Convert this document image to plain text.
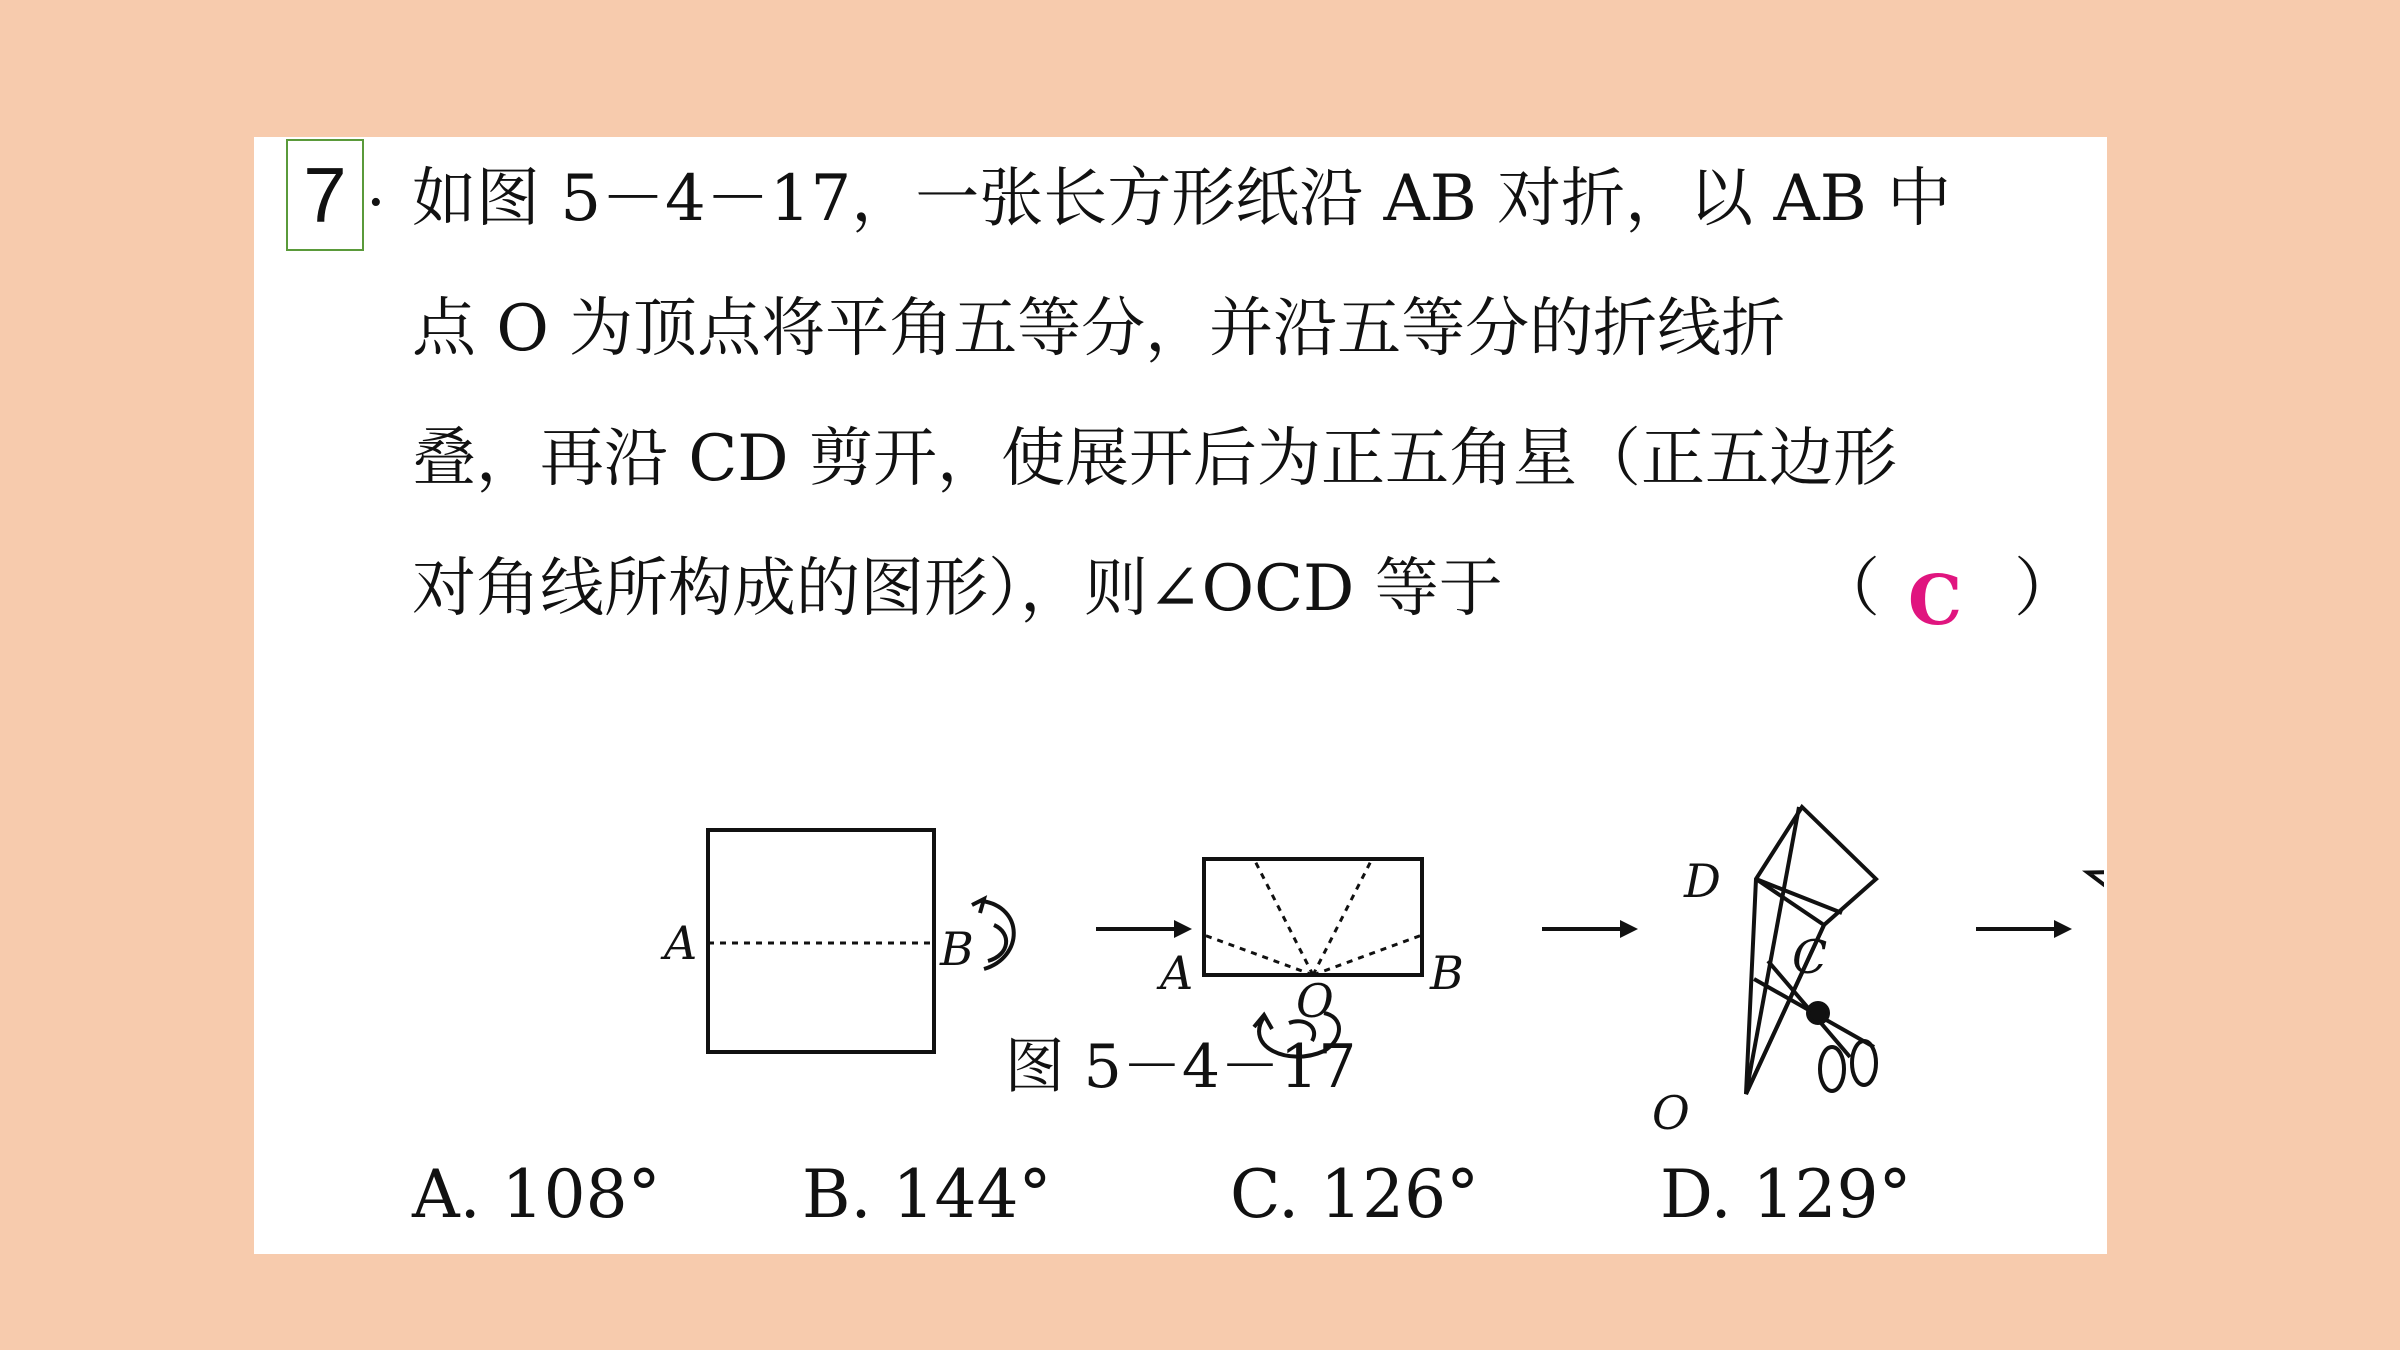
7 . 如图 5－4－17，一张长方形纸沿 AB 对折，以 AB 中
点 O 为顶点将平角五等分，并沿五等分的折线折
叠，再沿 CD 剪开，使展开后为正五角星（正五边形
对角线所构成的图形），则∠OCD 等于	（ C ）
A	B	A	B
O
D
C
O
图 5－4－17
A. 108° B. 144°	C. 126°	D. 129°
